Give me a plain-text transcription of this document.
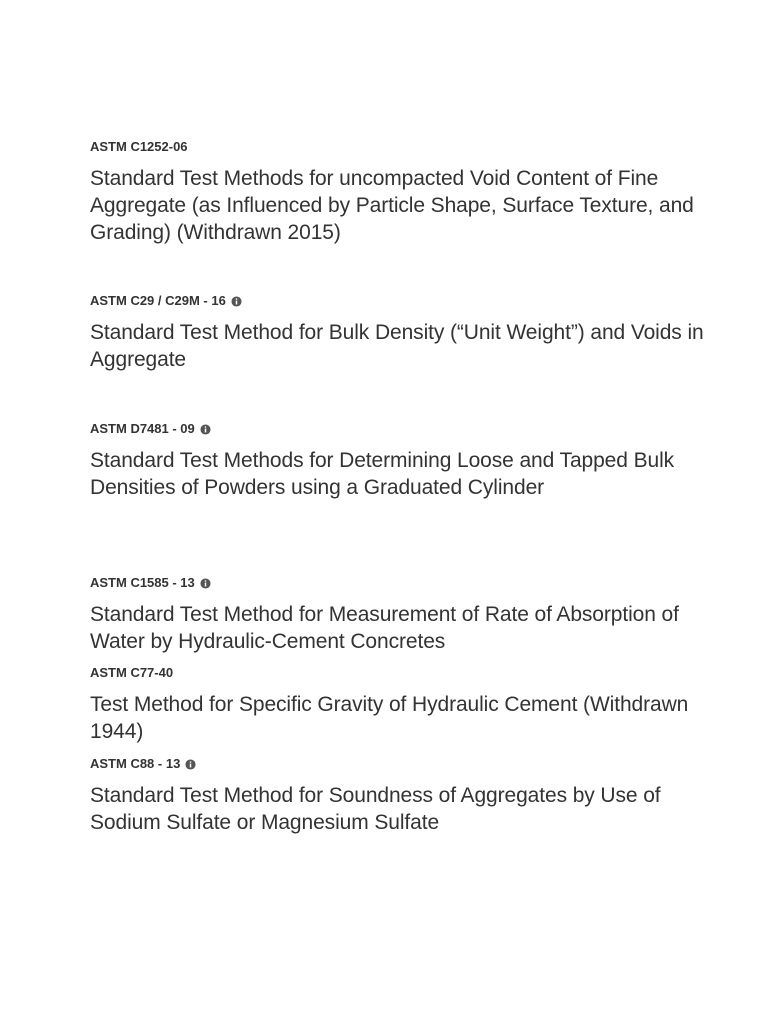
ASTM C1252-06
Standard Test Methods for uncompacted Void Content of Fine Aggregate (as Influenced by Particle Shape, Surface Texture, and Grading) (Withdrawn 2015)
ASTM C29 / C29M - 16
Standard Test Method for Bulk Density (“Unit Weight”) and Voids in Aggregate
ASTM D7481 - 09
Standard Test Methods for Determining Loose and Tapped Bulk Densities of Powders using a Graduated Cylinder
ASTM C1585 - 13
Standard Test Method for Measurement of Rate of Absorption of Water by Hydraulic-Cement Concretes
ASTM C77-40
Test Method for Specific Gravity of Hydraulic Cement (Withdrawn 1944)
ASTM C88 - 13
Standard Test Method for Soundness of Aggregates by Use of Sodium Sulfate or Magnesium Sulfate
